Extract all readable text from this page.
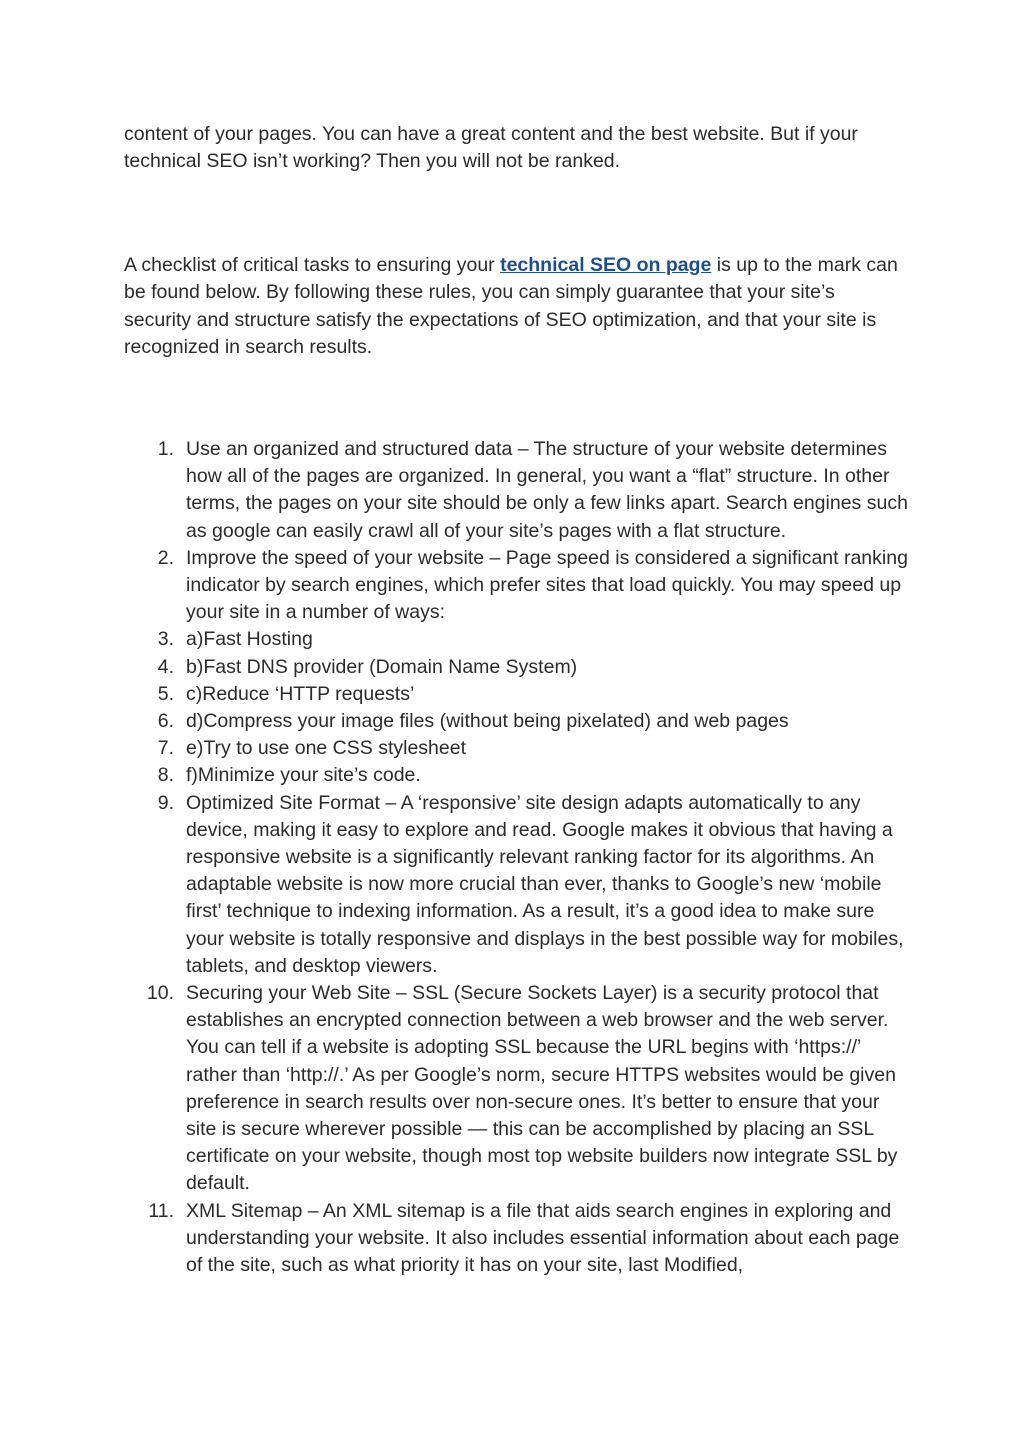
content of your pages. You can have a great content and the best website. But if your technical SEO isn’t working? Then you will not be ranked.

A checklist of critical tasks to ensuring your technical SEO on page is up to the mark can be found below. By following these rules, you can simply guarantee that your site’s security and structure satisfy the expectations of SEO optimization, and that your site is recognized in search results.

1. Use an organized and structured data – The structure of your website determines how all of the pages are organized. In general, you want a “flat” structure. In other terms, the pages on your site should be only a few links apart. Search engines such as google can easily crawl all of your site’s pages with a flat structure.
2. Improve the speed of your website – Page speed is considered a significant ranking indicator by search engines, which prefer sites that load quickly. You may speed up your site in a number of ways:
3. a)Fast Hosting
4. b)Fast DNS provider (Domain Name System)
5. c)Reduce ‘HTTP requests’
6. d)Compress your image files (without being pixelated) and web pages
7. e)Try to use one CSS stylesheet
8. f)Minimize your site’s code.
9. Optimized Site Format – A ‘responsive’ site design adapts automatically to any device, making it easy to explore and read. Google makes it obvious that having a responsive website is a significantly relevant ranking factor for its algorithms. An adaptable website is now more crucial than ever, thanks to Google’s new ‘mobile first’ technique to indexing information. As a result, it’s a good idea to make sure your website is totally responsive and displays in the best possible way for mobiles, tablets, and desktop viewers.
10. Securing your Web Site – SSL (Secure Sockets Layer) is a security protocol that establishes an encrypted connection between a web browser and the web server. You can tell if a website is adopting SSL because the URL begins with ‘https://’ rather than ‘http://.’ As per Google’s norm, secure HTTPS websites would be given preference in search results over non-secure ones. It’s better to ensure that your site is secure wherever possible — this can be accomplished by placing an SSL certificate on your website, though most top website builders now integrate SSL by default.
11. XML Sitemap – An XML sitemap is a file that aids search engines in exploring and understanding your website. It also includes essential information about each page of the site, such as what priority it has on your site, last Modified,
